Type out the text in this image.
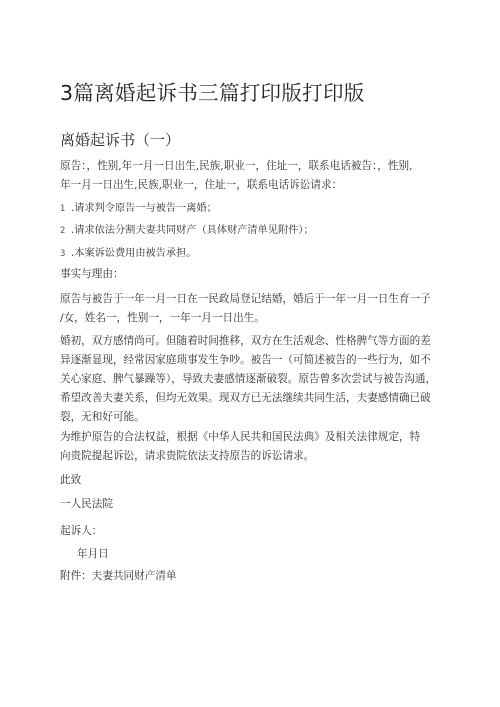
3篇离婚起诉书三篇打印版打印版
离婚起诉书（一）
原告：，性别,年一月一日出生,民族,职业一，住址一，联系电话被告：，性别,
年一月一日出生,民族,职业一，住址一，联系电话诉讼请求：
1 .请求判令原告一与被告一离婚；
2 .请求依法分割夫妻共同财产（具体财产清单见附件）；
3 .本案诉讼费用由被告承担。
事实与理由：
原告与被告于一年一月一日在一民政局登记结婚，婚后于一年一月一日生育一子
/女，姓名一，性别一，一年一月一日出生。
婚初，双方感情尚可。但随着时间推移，双方在生活观念、性格脾气等方面的差
异逐渐显现，经常因家庭琐事发生争吵。被告一（可简述被告的一些行为，如不
关心家庭、脾气暴躁等），导致夫妻感情逐渐破裂。原告曾多次尝试与被告沟通，
希望改善夫妻关系，但均无效果。现双方已无法继续共同生活，夫妻感情确已破
裂，无和好可能。
为维护原告的合法权益，根据《中华人民共和国民法典》及相关法律规定，特
向贵院提起诉讼，请求贵院依法支持原告的诉讼请求。
此致
一人民法院
起诉人：
年月日
附件：夫妻共同财产清单
